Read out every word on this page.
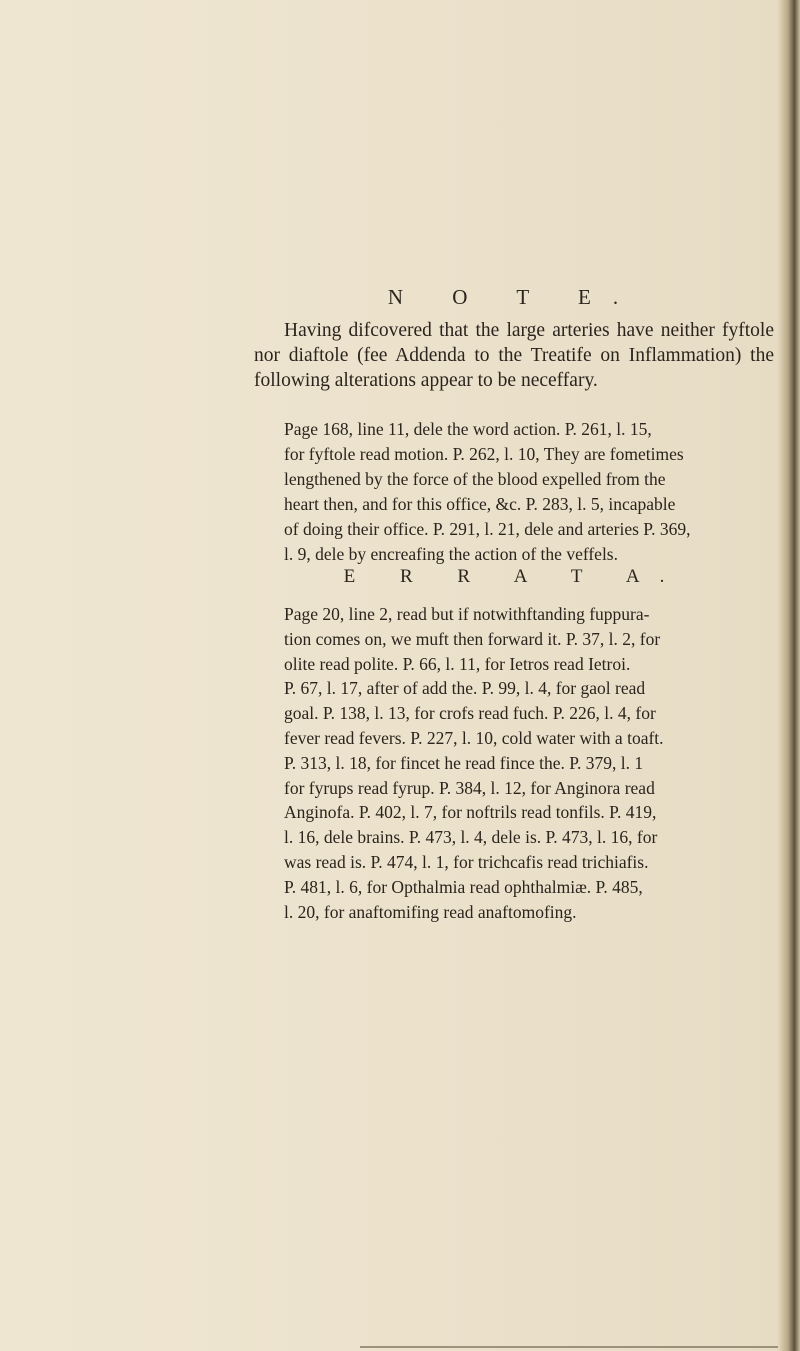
N O T E.
Having difcovered that the large arteries have neither fyftole nor diaftole (fee Addenda to the Treatife on Inflammation) the following alterations appear to be neceffary.
Page 168, line 11, dele the word action. P. 261, l. 15,
for fyftole read motion. P. 262, l. 10, They are fometimes
lengthened by the force of the blood expelled from the
heart then, and for this office, &c. P. 283, l. 5, incapable
of doing their office. P. 291, l. 21, dele and arteries P. 369,
l. 9, dele by encreafing the action of the veffels.
E R R A T A.
Page 20, line 2, read but if notwithftanding fuppura-
tion comes on, we muft then forward it. P. 37, l. 2, for
olite read polite. P. 66, l. 11, for Ietros read Ietroi.
P. 67, l. 17, after of add the. P. 99, l. 4, for gaol read
goal. P. 138, l. 13, for crofs read fuch. P. 226, l. 4, for
fever read fevers. P. 227, l. 10, cold water with a toaft.
P. 313, l. 18, for fincet he read fince the. P. 379, l. 1
for fyrups read fyrup. P. 384, l. 12, for Anginora read
Anginofa. P. 402, l. 7, for noftrils read tonfils. P. 419,
l. 16, dele brains. P. 473, l. 4, dele is. P. 473, l. 16, for
was read is. P. 474, l. 1, for trichcafis read trichiafis.
P. 481, l. 6, for Opthalmia read ophthalmiæ. P. 485,
l. 20, for anaftomifing read anaftomofing.
